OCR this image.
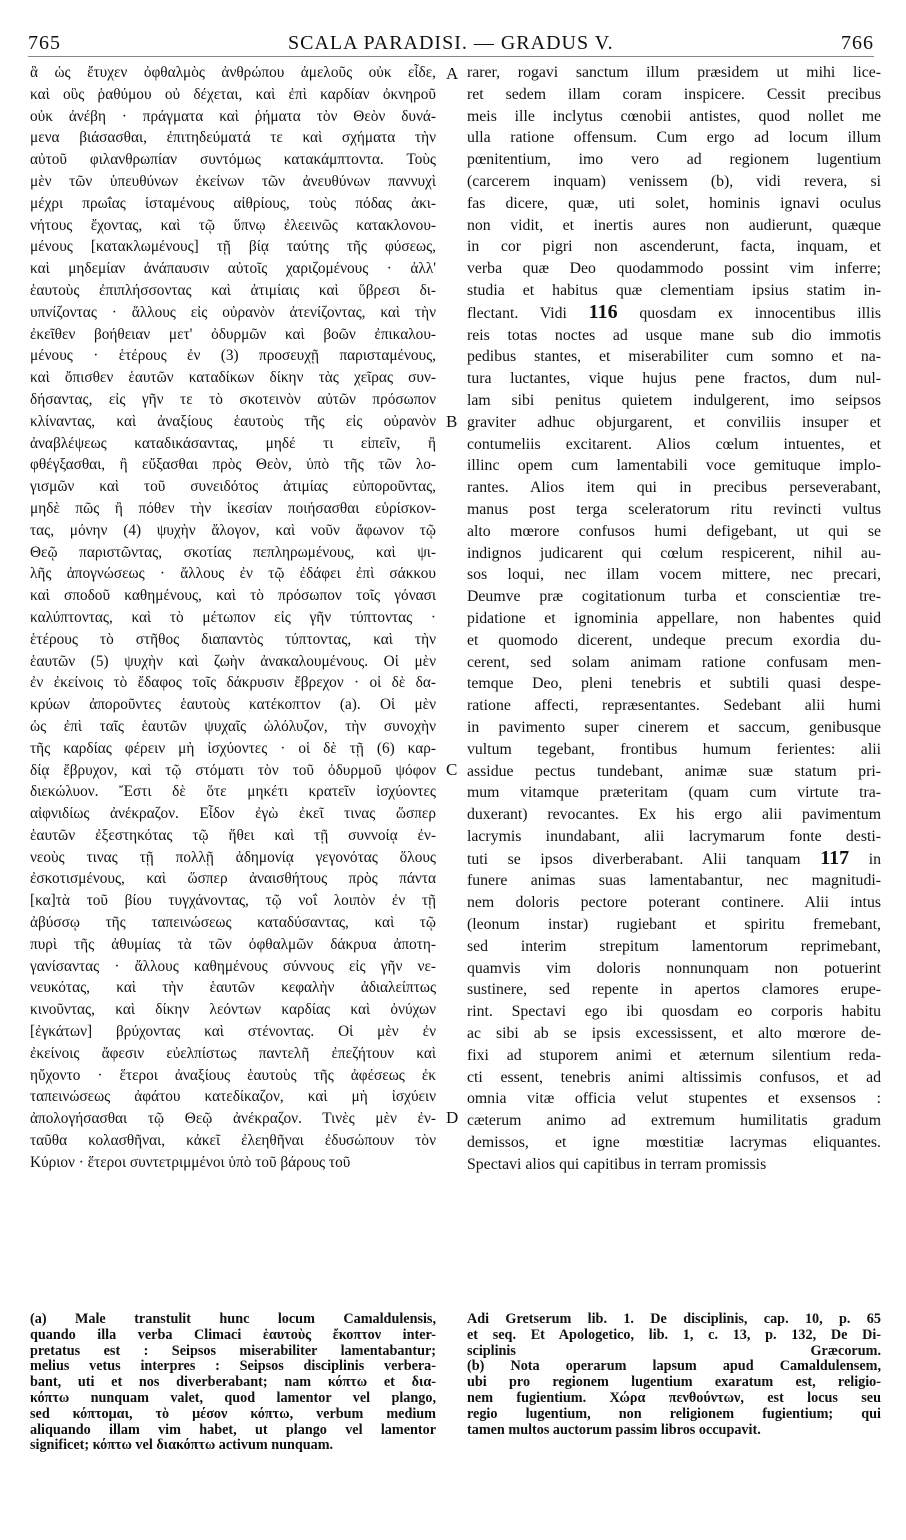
765	SCALA PARADISI. — GRADUS V.	766
ἃ ὡς ἔτυχεν ὀφθαλμὸς ἀνθρώπου ἀμελοῦς οὐκ εἶδε,
καὶ οὓς ῥαθύμου οὐ δέχεται, καὶ ἐπὶ καρδίαν ὀκνηροῦ
οὐκ ἀνέβη · πράγματα καὶ ῥήματα τὸν Θεὸν δυνά-
μενα βιάσασθαι, ἐπιτηδεύματά τε καὶ σχήματα τὴν
αὐτοῦ φιλανθρωπίαν συντόμως κατακάμπτοντα. Τοὺς
μὲν τῶν ὑπευθύνων ἐκείνων τῶν ἀνευθύνων παννυχὶ
μέχρι πρωΐας ἱσταμένους αἰθρίους, τοὺς πόδας ἀκι-
νήτους ἔχοντας, καὶ τῷ ὕπνῳ ἐλεεινῶς κατακλονου-
μένους [κατακλωμένους] τῇ βίᾳ ταύτης τῆς φύσεως,
καὶ μηδεμίαν ἀνάπαυσιν αὐτοῖς χαριζομένους · ἀλλ'
ἑαυτοὺς ἐπιπλήσσοντας καὶ ἀτιμίαις καὶ ὕβρεσι δι-
υπνίζοντας · ἄλλους εἰς οὐρανὸν ἀτενίζοντας, καὶ τὴν
ἐκεῖθεν βοήθειαν μετ' ὀδυρμῶν καὶ βοῶν ἐπικαλου-
μένους · ἑτέρους ἐν (3) προσευχῇ παρισταμένους,
καὶ ὄπισθεν ἑαυτῶν καταδίκων δίκην τὰς χεῖρας συν-
δήσαντας, εἰς γῆν τε τὸ σκοτεινὸν αὐτῶν πρόσωπον
κλίναντας, καὶ ἀναξίους ἑαυτοὺς τῆς εἰς οὐρανὸν
ἀναβλέψεως καταδικάσαντας, μηδέ τι εἰπεῖν, ἢ
φθέγξασθαι, ἢ εὔξασθαι πρὸς Θεὸν, ὑπὸ τῆς τῶν λο-
γισμῶν καὶ τοῦ συνειδότος ἀτιμίας εὐποροῦντας,
μηδὲ πῶς ἢ πόθεν τὴν ἱκεσίαν ποιήσασθαι εὑρίσκον-
τας, μόνην (4) ψυχὴν ἄλογον, καὶ νοῦν ἄφωνον τῷ
Θεῷ παριστῶντας, σκοτίας πεπληρωμένους, καὶ ψι-
λῆς ἀπογνώσεως · ἄλλους ἐν τῷ ἐδάφει ἐπὶ σάκκου
καὶ σποδοῦ καθημένους, καὶ τὸ πρόσωπον τοῖς γόνασι
καλύπτοντας, καὶ τὸ μέτωπον εἰς γῆν τύπτοντας ·
ἑτέρους τὸ στῆθος διαπαντὸς τύπτοντας, καὶ τὴν
ἑαυτῶν (5) ψυχὴν καὶ ζωὴν ἀνακαλουμένους. Οἱ μὲν
ἐν ἐκείνοις τὸ ἔδαφος τοῖς δάκρυσιν ἔβρεχον · οἱ δὲ δα-
κρύων ἀποροῦντες ἑαυτοὺς κατέκοπτον (a). Οἱ μὲν
ὡς ἐπὶ ταῖς ἑαυτῶν ψυχαῖς ὠλόλυζον, τὴν συνοχὴν
τῆς καρδίας φέρειν μὴ ἰσχύοντες · οἱ δὲ τῇ (6) καρ-
δίᾳ ἔβρυχον, καὶ τῷ στόματι τὸν τοῦ ὀδυρμοῦ ψόφον
διεκώλυον. Ἔστι δὲ ὅτε μηκέτι κρατεῖν ἰσχύοντες
αἰφνιδίως ἀνέκραζον. Εἶδον ἐγὼ ἐκεῖ τινας ὥσπερ
ἑαυτῶν ἐξεστηκότας τῷ ἤθει καὶ τῇ συννοίᾳ ἐν-
νεοὺς τινας τῇ πολλῇ ἀδημονίᾳ γεγονότας ὅλους
ἐσκοτισμένους, καὶ ὥσπερ ἀναισθήτους πρὸς πάντα
[κα]τὰ τοῦ βίου τυγχάνοντας, τῷ νοΐ λοιπὸν ἐν τῇ
ἀβύσσῳ τῆς ταπεινώσεως καταδύσαντας, καὶ τῷ
πυρὶ τῆς ἀθυμίας τὰ τῶν ὀφθαλμῶν δάκρυα ἀποτη-
γανίσαντας · ἄλλους καθημένους σύννους εἰς γῆν νε-
νευκότας, καὶ τὴν ἑαυτῶν κεφαλὴν ἀδιαλείπτως
κινοῦντας, καὶ δίκην λεόντων καρδίας καὶ ὀνύχων
[ἐγκάτων] βρύχοντας καὶ στένοντας. Οἱ μὲν ἐν
ἐκείνοις ἄφεσιν εὐελπίστως παντελῆ ἐπεζήτουν καὶ
ηὔχοντο · ἕτεροι ἀναξίους ἑαυτοὺς τῆς ἀφέσεως ἐκ
ταπεινώσεως ἀφάτου κατεδίκαζον, καὶ μὴ ἰσχύειν
ἀπολογήσασθαι τῷ Θεῷ ἀνέκραζον. Τινὲς μὲν ἐν-
ταῦθα κολασθῆναι, κἀκεῖ ἐλεηθῆναι ἐδυσώπουν τὸν
Κύριον · ἕτεροι συντετριμμένοι ὑπὸ τοῦ βάρους τοῦ
rarer, rogavi sanctum illum præsidem ut mihi lice-
ret sedem illam coram inspicere. Cessit precibus
meis ille inclytus cœnobii antistes, quod nollet me
ulla ratione offensum. Cum ergo ad locum illum
pœnitentium, imo vero ad regionem lugentium
(carcerem inquam) venissem (b), vidi revera, si
fas dicere, quæ, uti solet, hominis ignavi oculus
non vidit, et inertis aures non audierunt, quæque
in cor pigri non ascenderunt, facta, inquam, et
verba quæ Deo quodammodo possint vim inferre;
studia et habitus quæ clementiam ipsius statim in-
flectant. Vidi 116 quosdam ex innocentibus illis
reis totas noctes ad usque mane sub dio immotis
pedibus stantes, et miserabiliter cum somno et na-
tura luctantes, vique hujus pene fractos, dum nul-
lam sibi penitus quietem indulgerent, imo seipsos
graviter adhuc objurgarent, et conviliis insuper et
contumeliis excitarent. Alios cœlum intuentes, et
illinc opem cum lamentabili voce gemituque implo-
rantes. Alios item qui in precibus perseverabant,
manus post terga sceleratorum ritu revincti vultus
alto mœrore confusos humi defigebant, ut qui se
indignos judicarent qui cœlum respicerent, nihil au-
sos loqui, nec illam vocem mittere, nec precari,
Deumve præ cogitationum turba et conscientiæ tre-
pidatione et ignominia appellare, non habentes quid
et quomodo dicerent, undeque precum exordia du-
cerent, sed solam animam ratione confusam men-
temque Deo, pleni tenebris et subtili quasi despe-
ratione affecti, repræsentantes. Sedebant alii humi
in pavimento super cinerem et saccum, genibusque
vultum tegebant, frontibus humum ferientes: alii
assidue pectus tundebant, animæ suæ statum pri-
mum vitamque præteritam (quam cum virtute tra-
duxerant) revocantes. Ex his ergo alii pavimentum
lacrymis inundabant, alii lacrymarum fonte desti-
tuti se ipsos diverberabant. Alii tanquam 117 in
funere animas suas lamentabantur, nec magnitudi-
nem doloris pectore poterant continere. Alii intus
(leonum instar) rugiebant et spiritu fremebant,
sed interim strepitum lamentorum reprimebant,
quamvis vim doloris nonnunquam non potuerint
sustinere, sed repente in apertos clamores erupe-
rint. Spectavi ego ibi quosdam eo corporis habitu
ac sibi ab se ipsis excessissent, et alto mœrore de-
fixi ad stuporem animi et æternum silentium reda-
cti essent, tenebris animi altissimis confusos, et ad
omnia vitæ officia velut stupentes et exsensos :
cæterum animo ad extremum humilitatis gradum
demissos, et igne mœstitiæ lacrymas eliquantes.
Spectavi alios qui capitibus in terram promissis
A
B
C
D
(a) Male transtulit hunc locum Camaldulensis,
quando illa verba Climaci ἑαυτοὺς ἔκοπτον inter-
pretatus est : Seipsos miserabiliter lamentabantur;
melius vetus interpres : Seipsos disciplinis verbera-
bant, uti et nos diverberabant; nam κόπτω et δια-
κόπτω nunquam valet, quod lamentor vel plango,
sed κόπτομαι, τὸ μέσον κόπτω, verbum medium
aliquando illam vim habet, ut plango vel lamentor
significet; κόπτω vel διακόπτω activum nunquam.
Adi Gretserum lib. 1. De disciplinis, cap. 10, p. 65
et seq. Et Apologetico, lib. 1, c. 13, p. 132, De Di-
sciplinis Græcorum.
(b) Nota operarum lapsum apud Camaldulensem,
ubi pro regionem lugentium exaratum est, religio-
nem fugientium. Χώρα πενθούντων, est locus seu
regio lugentium, non religionem fugientium; qui
tamen multos auctorum passim libros occupavit.
